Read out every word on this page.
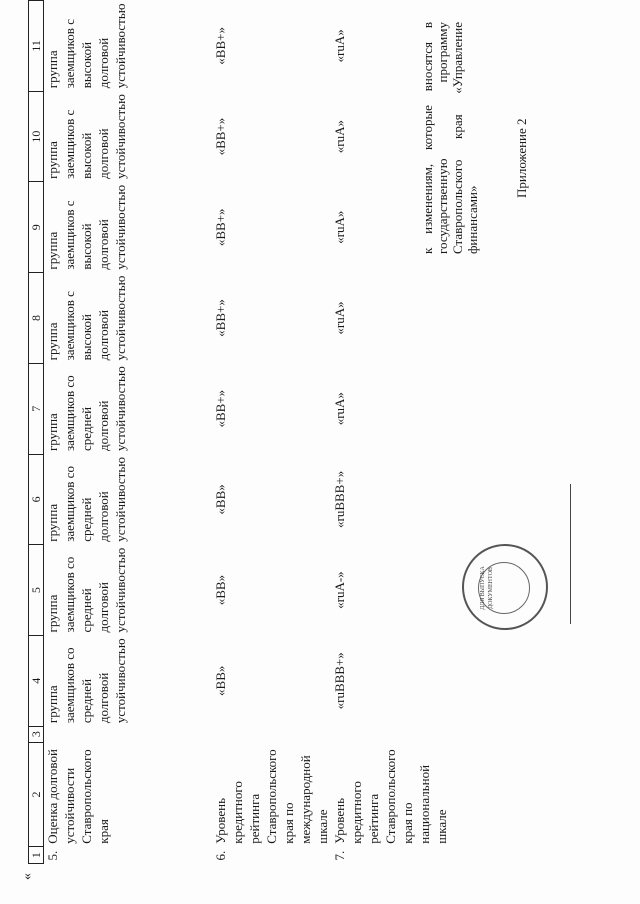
Приложение 2
к изменениям, которые вносятся в государственную программу Ставропольского края «Управление финансами»
«
1	2	3	4	5	6	7	8	9	10	11
5.	Оценка долговой устойчивости Ставропольского края		группа заемщиков со средней долговой устойчивостью	группа заемщиков со средней долговой устойчивостью	группа заемщиков со средней долговой устойчивостью	группа заемщиков со средней долговой устойчивостью	группа заемщиков с высокой долговой устойчивостью	группа заемщиков с высокой долговой устойчивостью	группа заемщиков с высокой долговой устойчивостью	группа заемщиков с высокой долговой устойчивостью
6.	Уровень кредитного рейтинга Ставропольского края по международной шкале		«BB»	«BB»	«BB»	«BB+»	«BB+»	«BB+»	«BB+»	«BB+»
7.	Уровень кредитного рейтинга Ставропольского края по национальной шкале		«ruBBB+»	«ruA-»	«ruBBB+»	«ruA»	«ruA»	«ruA»	«ruA»	«ruA»
ДЛЯ ВЫПУСКА ДОКУМЕНТОВ
